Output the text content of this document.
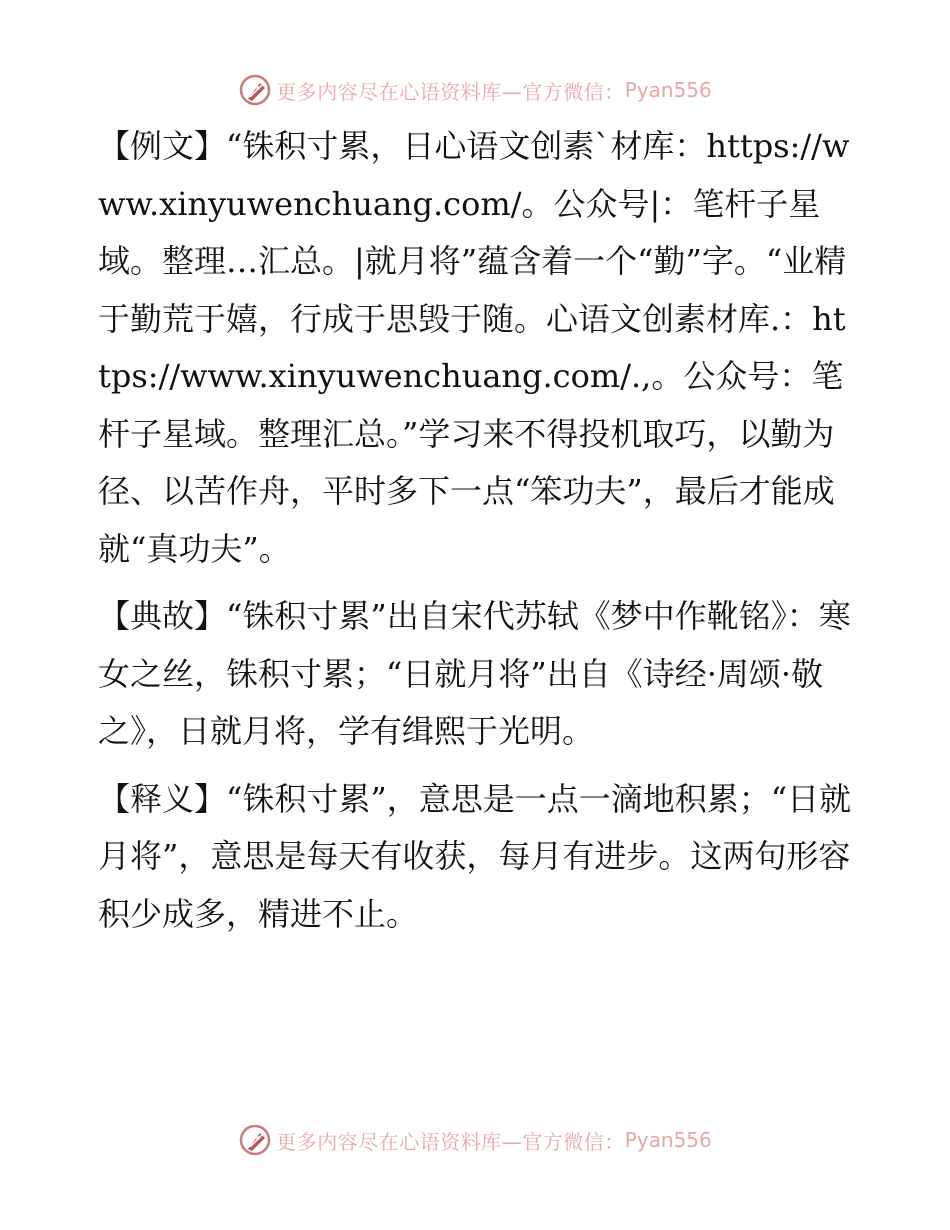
更多内容尽在心语资料库—官方微信： Pyan556

【例文】“铢积寸累，日心语文创素`材库：https://www.xinyuwenchuang.com/。公众号|：笔杆子星域。整理…汇总。|就月将”蕴含着一个“勤”字。“业精于勤荒于嬉，行成于思毁于随。心语文创素材库.：https://www.xinyuwenchuang.com/.,。公众号：笔杆子星域。整理汇总。”学习来不得投机取巧，以勤为径、以苦作舟，平时多下一点“笨功夫”，最后才能成就“真功夫”。

【典故】“铢积寸累”出自宋代苏轼《梦中作靴铭》：寒女之丝，铢积寸累；“日就月将”出自《诗经·周颂·敬之》，日就月将，学有缉熙于光明。

【释义】“铢积寸累”，意思是一点一滴地积累；“日就月将”，意思是每天有收获，每月有进步。这两句形容积少成多，精进不止。

更多内容尽在心语资料库—官方微信： Pyan556
